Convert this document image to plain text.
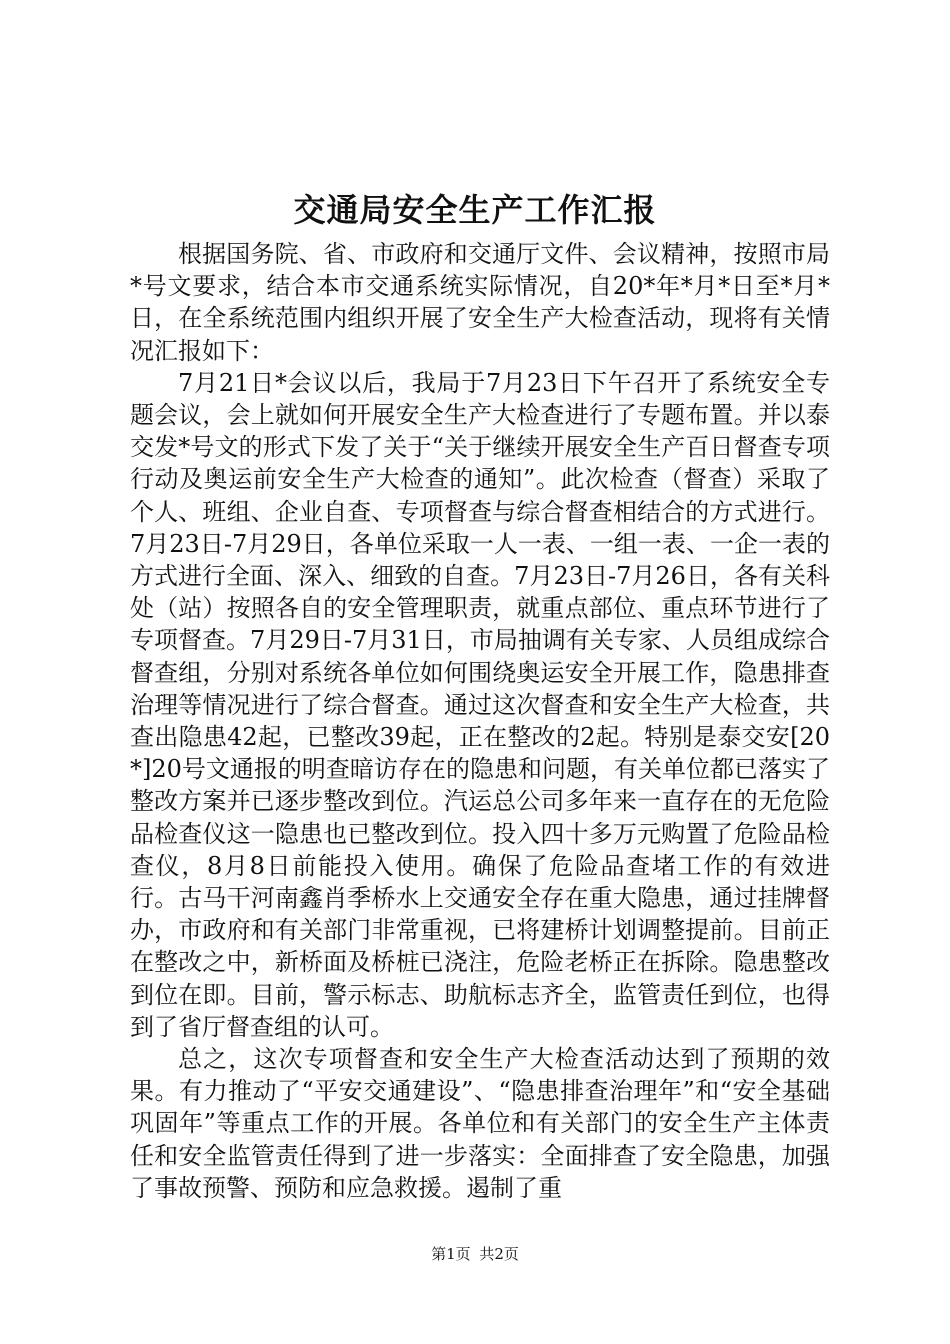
交通局安全生产工作汇报

根据国务院、省、市政府和交通厅文件、会议精神，按照市局*号文要求，结合本市交通系统实际情况，自20*年*月*日至*月*日，在全系统范围内组织开展了安全生产大检查活动，现将有关情况汇报如下：

7月21日*会议以后，我局于7月23日下午召开了系统安全专题会议，会上就如何开展安全生产大检查进行了专题布置。并以泰交发*号文的形式下发了关于“关于继续开展安全生产百日督查专项行动及奥运前安全生产大检查的通知”。此次检查（督查）采取了个人、班组、企业自查、专项督查与综合督查相结合的方式进行。7月23日-7月29日，各单位采取一人一表、一组一表、一企一表的方式进行全面、深入、细致的自查。7月23日-7月26日，各有关科处（站）按照各自的安全管理职责，就重点部位、重点环节进行了专项督查。7月29日-7月31日，市局抽调有关专家、人员组成综合督查组，分别对系统各单位如何围绕奥运安全开展工作，隐患排查治理等情况进行了综合督查。通过这次督查和安全生产大检查，共查出隐患42起，已整改39起，正在整改的2起。特别是泰交安[20*]20号文通报的明查暗访存在的隐患和问题，有关单位都已落实了整改方案并已逐步整改到位。汽运总公司多年来一直存在的无危险品检查仪这一隐患也已整改到位。投入四十多万元购置了危险品检查仪，8月8日前能投入使用。确保了危险品查堵工作的有效进行。古马干河南鑫肖季桥水上交通安全存在重大隐患，通过挂牌督办，市政府和有关部门非常重视，已将建桥计划调整提前。目前正在整改之中，新桥面及桥桩已浇注，危险老桥正在拆除。隐患整改到位在即。目前，警示标志、助航标志齐全，监管责任到位，也得到了省厅督查组的认可。

总之，这次专项督查和安全生产大检查活动达到了预期的效果。有力推动了“平安交通建设”、“隐患排查治理年”和“安全基础巩固年”等重点工作的开展。各单位和有关部门的安全生产主体责任和安全监管责任得到了进一步落实：全面排查了安全隐患，加强了事故预警、预防和应急救援。遏制了重

第1页 共2页
